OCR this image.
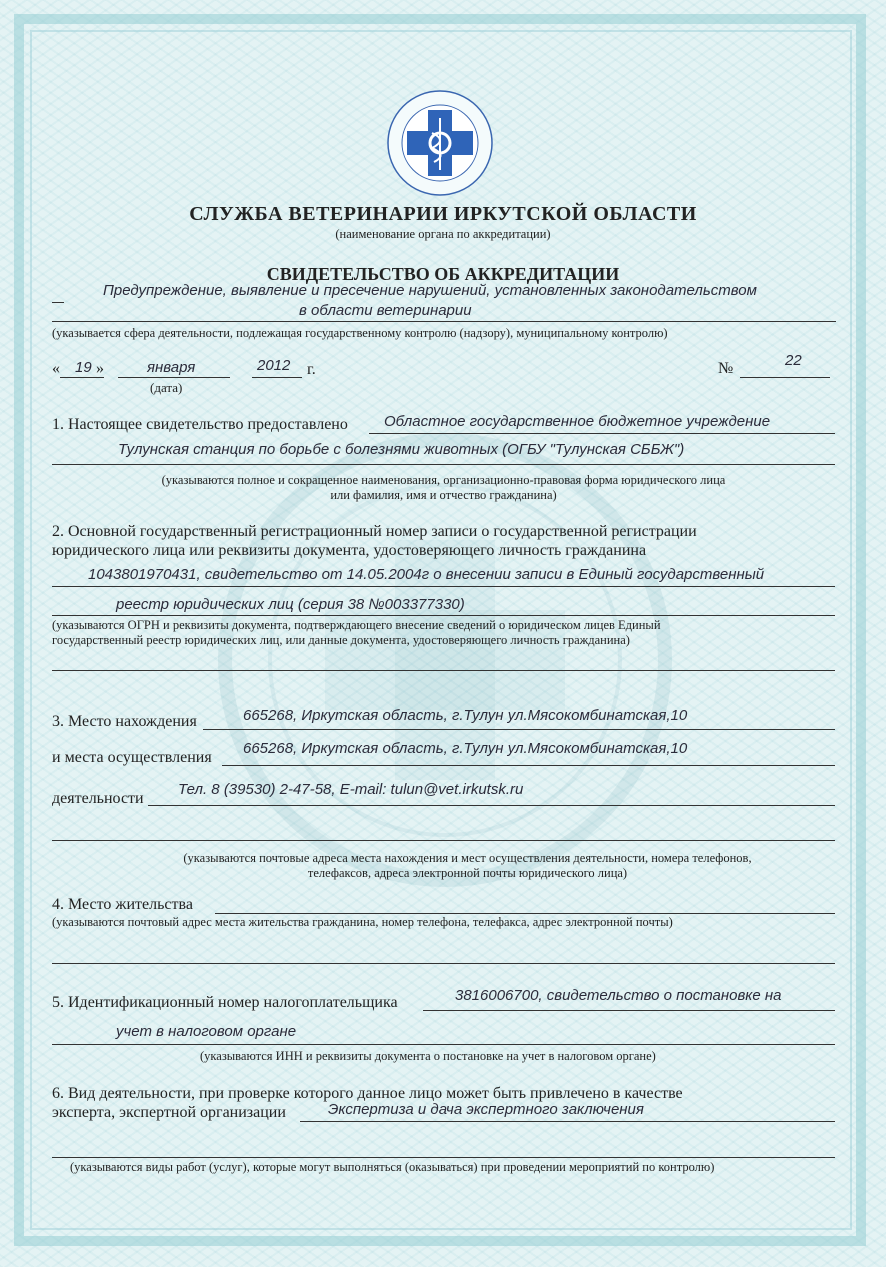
СЛУЖБА ВЕТЕРИНАРИИ ИРКУТСКОЙ ОБЛАСТИ
(наименование органа по аккредитации)
СВИДЕТЕЛЬСТВО ОБ АККРЕДИТАЦИИ
Предупреждение, выявление и пресечение нарушений, установленных законодательством
в области ветеринарии
(указывается сфера деятельности, подлежащая государственному контролю (надзору), муниципальному контролю)
« 19 »	января	2012 г.
(дата)
№	22
1. Настоящее свидетельство предоставлено Областное государственное бюджетное учреждение
Тулунская станция по борьбе с болезнями животных (ОГБУ "Тулунская СББЖ")
(указываются полное и сокращенное наименования, организационно-правовая форма юридического лица
или фамилия, имя и отчество гражданина)
2. Основной государственный регистрационный номер записи о государственной регистрации
юридического лица или реквизиты документа, удостоверяющего личность гражданина
1043801970431, свидетельство от 14.05.2004г о внесении записи в Единый государственный
реестр юридических лиц (серия 38 №003377330)
(указываются ОГРН и реквизиты документа, подтверждающего внесение сведений о юридическом лицев Единый
государственный реестр юридических лиц, или данные документа, удостоверяющего личность гражданина)
3. Место нахождения	665268, Иркутская область, г.Тулун ул.Мясокомбинатская,10
и места осуществления
665268, Иркутская область, г.Тулун ул.Мясокомбинатская,10
деятельности
Тел. 8 (39530) 2-47-58, E-mail: tulun@vet.irkutsk.ru
(указываются почтовые адреса места нахождения и мест осуществления деятельности, номера телефонов,
телефаксов, адреса электронной почты юридического лица)
4. Место жительства
(указываются почтовый адрес места жительства гражданина, номер телефона, телефакса, адрес электронной почты)
5. Идентификационный номер налогоплательщика	3816006700, свидетельство о постановке на
учет в налоговом органе
(указываются ИНН и реквизиты документа о постановке на учет в налоговом органе)
6. Вид деятельности, при проверке которого данное лицо может быть привлечено в качестве
эксперта, экспертной организации	Экспертиза и дача экспертного заключения
(указываются виды работ (услуг), которые могут выполняться (оказываться) при проведении мероприятий по контролю)
